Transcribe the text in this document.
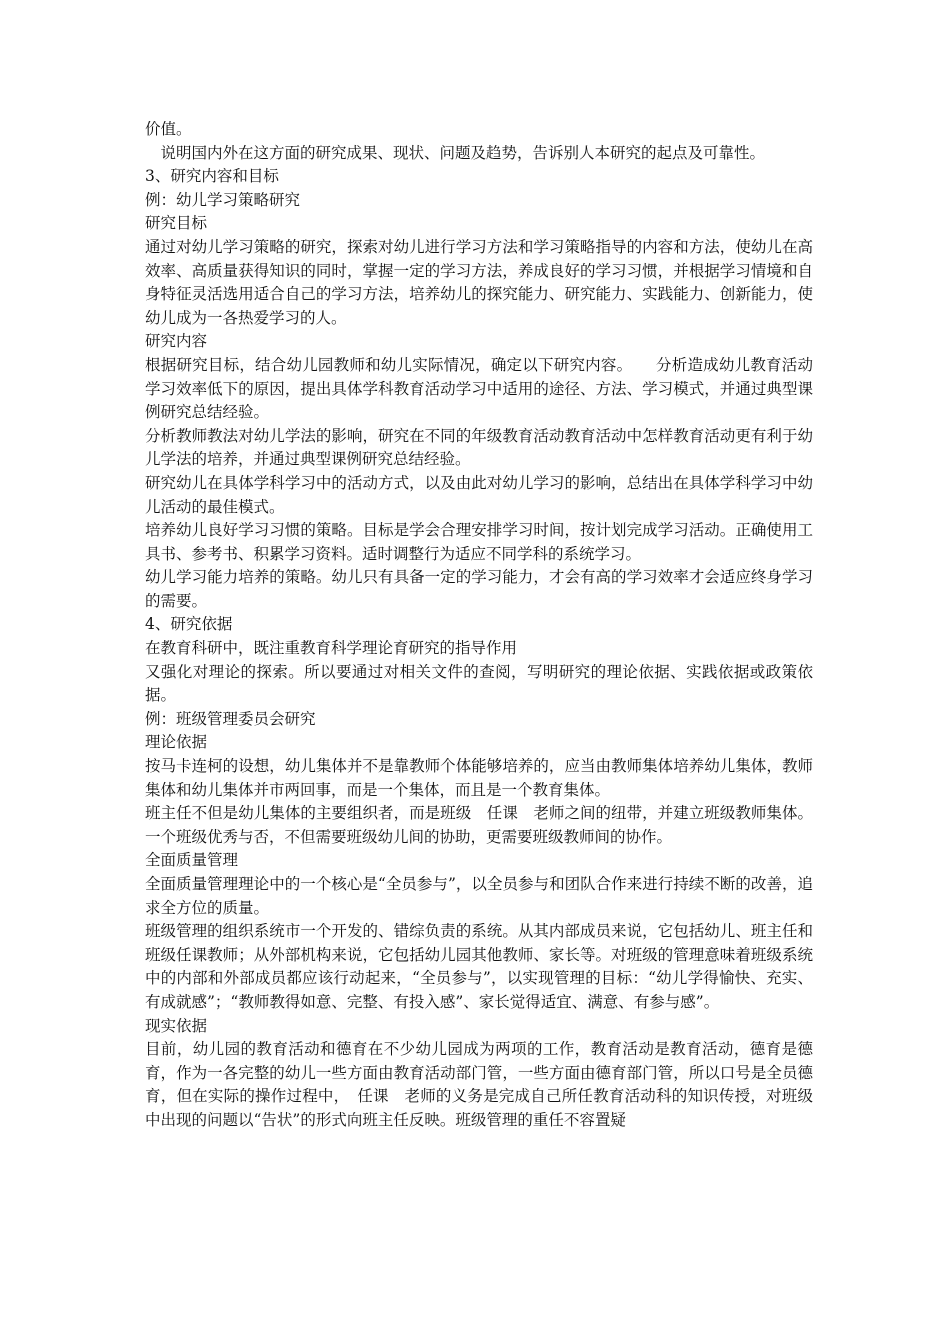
价值。

说明国内外在这方面的研究成果、现状、问题及趋势，告诉别人本研究的起点及可靠性。

3、研究内容和目标

例：幼儿学习策略研究

研究目标

通过对幼儿学习策略的研究，探索对幼儿进行学习方法和学习策略指导的内容和方法，使幼儿在高效率、高质量获得知识的同时，掌握一定的学习方法，养成良好的学习习惯，并根据学习情境和自身特征灵活选用适合自己的学习方法，培养幼儿的探究能力、研究能力、实践能力、创新能力，使幼儿成为一各热爱学习的人。

研究内容

根据研究目标，结合幼儿园教师和幼儿实际情况，确定以下研究内容。　　分析造成幼儿教育活动学习效率低下的原因，提出具体学科教育活动学习中适用的途径、方法、学习模式，并通过典型课例研究总结经验。

分析教师教法对幼儿学法的影响，研究在不同的年级教育活动教育活动中怎样教育活动更有利于幼儿学法的培养，并通过典型课例研究总结经验。

研究幼儿在具体学科学习中的活动方式，以及由此对幼儿学习的影响，总结出在具体学科学习中幼儿活动的最佳模式。

培养幼儿良好学习习惯的策略。目标是学会合理安排学习时间，按计划完成学习活动。正确使用工具书、参考书、积累学习资料。适时调整行为适应不同学科的系统学习。

幼儿学习能力培养的策略。幼儿只有具备一定的学习能力，才会有高的学习效率才会适应终身学习的需要。

4、研究依据

在教育科研中，既注重教育科学理论育研究的指导作用

又强化对理论的探索。所以要通过对相关文件的查阅，写明研究的理论依据、实践依据或政策依据。

例：班级管理委员会研究

理论依据

按马卡连柯的设想，幼儿集体并不是靠教师个体能够培养的，应当由教师集体培养幼儿集体，教师集体和幼儿集体并市两回事，而是一个集体，而且是一个教育集体。

班主任不但是幼儿集体的主要组织者，而是班级　任课　老师之间的纽带，并建立班级教师集体。一个班级优秀与否，不但需要班级幼儿间的协助，更需要班级教师间的协作。

全面质量管理

全面质量管理理论中的一个核心是“全员参与”，以全员参与和团队合作来进行持续不断的改善，追求全方位的质量。

班级管理的组织系统市一个开发的、错综负责的系统。从其内部成员来说，它包括幼儿、班主任和班级任课教师；从外部机构来说，它包括幼儿园其他教师、家长等。对班级的管理意味着班级系统中的内部和外部成员都应该行动起来，“全员参与”，以实现管理的目标：“幼儿学得愉快、充实、有成就感”；“教师教得如意、完整、有投入感”、家长觉得适宜、满意、有参与感”。

现实依据

目前，幼儿园的教育活动和德育在不少幼儿园成为两项的工作，教育活动是教育活动，德育是德育，作为一各完整的幼儿一些方面由教育活动部门管，一些方面由德育部门管，所以口号是全员德育，但在实际的操作过程中，　任课　老师的义务是完成自己所任教育活动科的知识传授，对班级中出现的问题以“告状”的形式向班主任反映。班级管理的重任不容置疑
